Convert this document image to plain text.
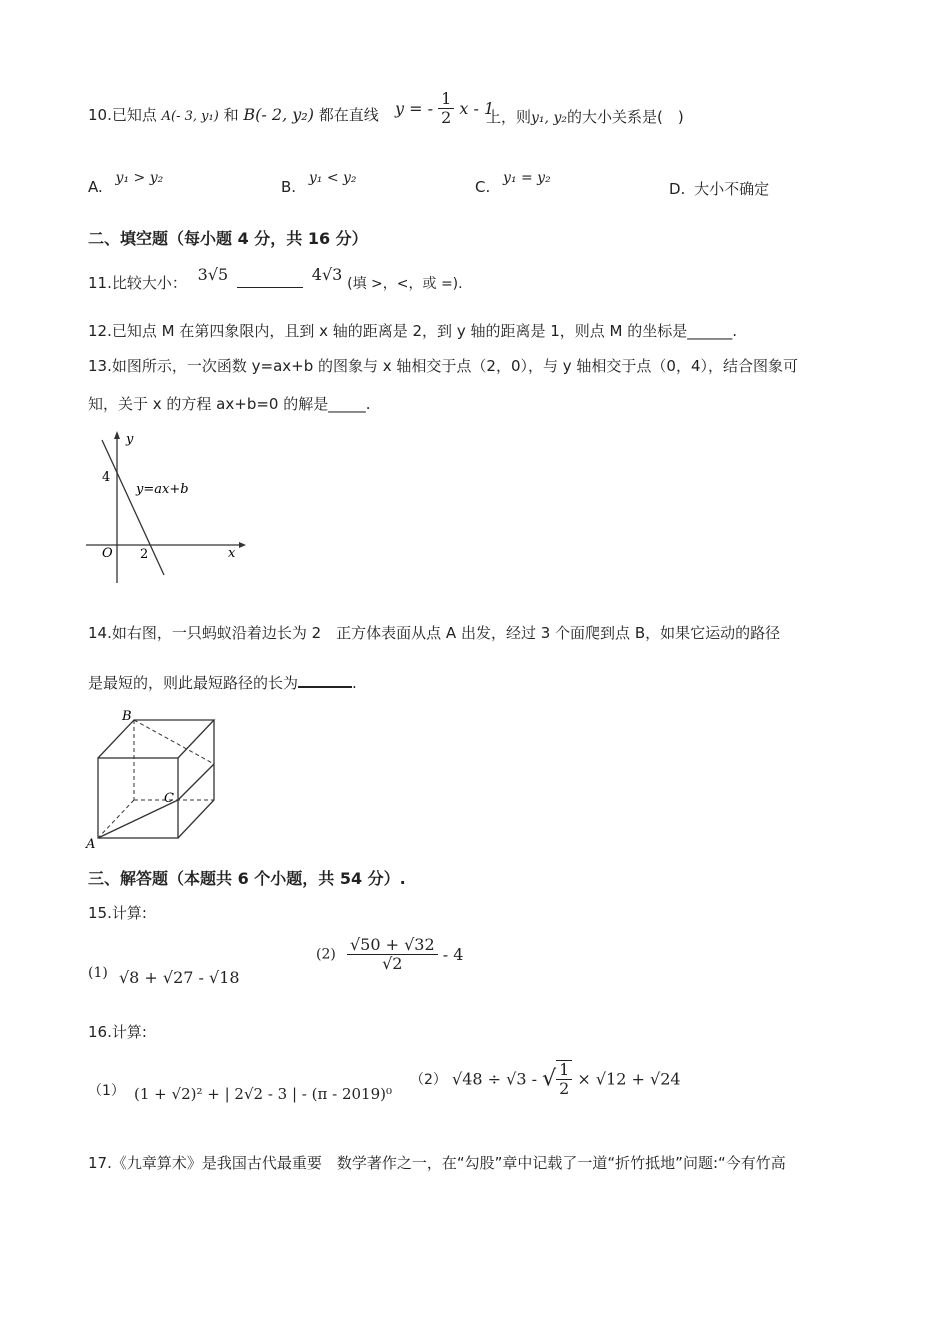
10.已知点 A(- 3, y₁) 和 B(- 2, y₂) 都在直线 y = - $\frac{1}{2}$ x - 1
上，则y₁, y₂的大小关系是(　)
A. y₁ > y₂	B. y₁ < y₂	C. y₁ = y₂
D. 大小不确定
二、填空题（每小题 4 分，共 16 分）
11.比较大小： 3√5	4√3 (填 >，<，或 =).
12.已知点 M 在第四象限内，且到 x 轴的距离是 2，到 y 轴的距离是 1，则点 M 的坐标是______.
13.如图所示，一次函数 y=ax+b 的图象与 x 轴相交于点（2，0），与 y 轴相交于点（0，4），结合图象可
知，关于 x 的方程 ax+b=0 的解是_____.
y
x
O
4
2
y=ax+b
14.如右图，一只蚂蚁沿着边长为 2　正方体表面从点 A 出发，经过 3 个面爬到点 B，如果它运动的路径
是最短的，则此最短路径的长为	.
B
C
A
三、解答题（本题共 6 个小题，共 54 分）.
15.计算:
(1) √8 + √27 - √18
$(2) \frac{√50 + √32}{√2} - 4$
16.计算:
（1） (1 + √2)² + | 2√2 - 3 | - (π - 2019)⁰
（2） √48 ÷ √3 - √ $\frac{1}{2} \times √12 + √24$
17.《九章算术》是我国古代最重要　数学著作之一，在“勾股”章中记载了一道“折竹抵地”问题:“今有竹高
